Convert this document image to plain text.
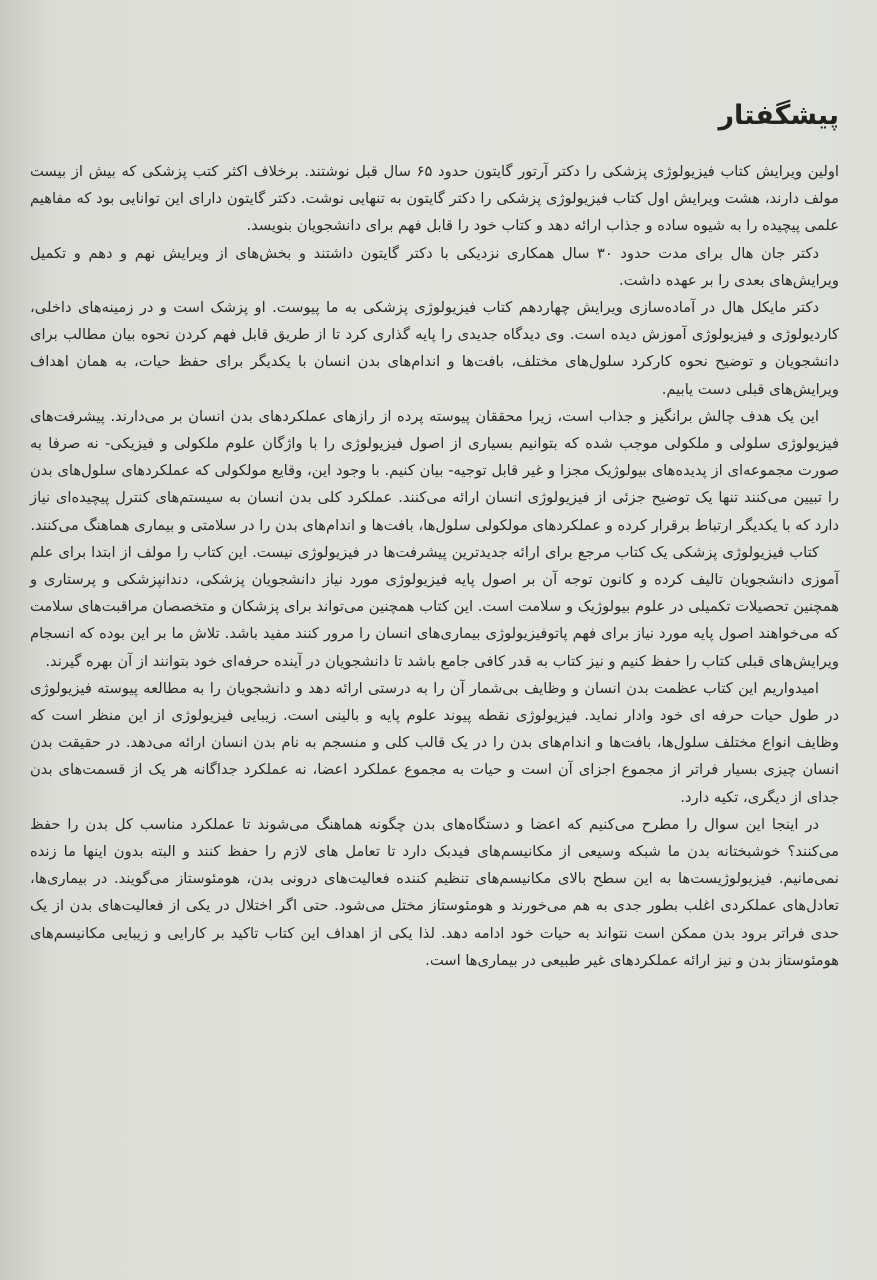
پیشگفتار

اولین ویرایش کتاب فیزیولوژی پزشکی را دکتر آرتور گایتون حدود ۶۵ سال قبل نوشتند. برخلاف اکثر کتب پزشکی که بیش از بیست مولف دارند، هشت ویرایش اول کتاب فیزیولوژی پزشکی را دکتر گایتون به تنهایی نوشت. دکتر گایتون دارای این توانایی بود که مفاهیم علمی پیچیده را به شیوه ساده و جذاب ارائه دهد و کتاب خود را قابل فهم برای دانشجویان بنویسد.

دکتر جان هال برای مدت حدود ۳۰ سال همکاری نزدیکی با دکتر گایتون داشتند و بخش‌های از ویرایش نهم و دهم و تکمیل ویرایش‌های بعدی را بر عهده داشت.

دکتر مایکل هال در آماده‌سازی ویرایش چهاردهم کتاب فیزیولوژی پزشکی به ما پیوست. او پزشک است و در زمینه‌های داخلی، کاردیولوژی و فیزیولوژی آموزش دیده است. وی دیدگاه جدیدی را پایه گذاری کرد تا از طریق قابل فهم کردن نحوه بیان مطالب برای دانشجویان و توضیح نحوه کارکرد سلول‌های مختلف، بافت‌ها و اندام‌های بدن انسان با یکدیگر برای حفظ حیات، به همان اهداف ویرایش‌های قبلی دست یابیم.

این یک هدف چالش برانگیز و جذاب است، زیرا محققان پیوسته پرده از رازهای عملکردهای بدن انسان بر می‌دارند. پیشرفت‌های فیزیولوژی سلولی و ملکولی موجب شده که بتوانیم بسیاری از اصول فیزیولوژی را با واژگان علوم ملکولی و فیزیکی- نه صرفا به صورت مجموعه‌ای از پدیده‌های بیولوژیک مجزا و غیر قابل توجیه- بیان کنیم. با وجود این، وقایع مولکولی که عملکردهای سلول‌های بدن را تبیین می‌کنند تنها یک توضیح جزئی از فیزیولوژی انسان ارائه می‌کنند. عملکرد کلی بدن انسان به سیستم‌های کنترل پیچیده‌ای نیاز دارد که با یکدیگر ارتباط برقرار کرده و عملکردهای مولکولی سلول‌ها، بافت‌ها و اندام‌های بدن را در سلامتی و بیماری هماهنگ می‌کنند.

کتاب فیزیولوژی پزشکی یک کتاب مرجع برای ارائه جدیدترین پیشرفت‌ها در فیزیولوژی نیست. این کتاب را مولف از ابتدا برای علم آموزی دانشجویان تالیف کرده و کانون توجه آن بر اصول پایه فیزیولوژی مورد نیاز دانشجویان پزشکی، دندانپزشکی و پرستاری و همچنین تحصیلات تکمیلی در علوم بیولوژیک و سلامت است. این کتاب همچنین می‌تواند برای پزشکان و متخصصان مراقبت‌های سلامت که می‌خواهند اصول پایه مورد نیاز برای فهم پاتوفیزیولوژی بیماری‌های انسان را مرور کنند مفید باشد. تلاش ما بر این بوده که انسجام ویرایش‌های قبلی کتاب را حفظ کنیم و نیز کتاب به قدر کافی جامع باشد تا دانشجویان در آینده حرفه‌ای خود بتوانند از آن بهره گیرند.

امیدواریم این کتاب عظمت بدن انسان و وظایف بی‌شمار آن را به درستی ارائه دهد و دانشجویان را به مطالعه پیوسته فیزیولوژی در طول حیات حرفه ای خود وادار نماید. فیزیولوژی نقطه پیوند علوم پایه و بالینی است. زیبایی فیزیولوژی از این منظر است که وظایف انواع مختلف سلول‌ها، بافت‌ها و اندام‌های بدن را در یک قالب کلی و منسجم به نام بدن انسان ارائه می‌دهد. در حقیقت بدن انسان چیزی بسیار فراتر از مجموع اجزای آن است و حیات به مجموع عملکرد اعضا، نه عملکرد جداگانه هر یک از قسمت‌های بدن جدای از دیگری، تکیه دارد.

در اینجا این سوال را مطرح می‌کنیم که اعضا و دستگاه‌های بدن چگونه هماهنگ می‌شوند تا عملکرد مناسب کل بدن را حفظ می‌کنند؟ خوشبختانه بدن ما شبکه وسیعی از مکانیسم‌های فیدبک دارد تا تعامل های لازم را حفظ کنند و البته بدون اینها ما زنده نمی‌مانیم. فیزیولوژیست‌ها به این سطح بالای مکانیسم‌های تنظیم کننده فعالیت‌های درونی بدن، هومئوستاز می‌گویند. در بیماری‌ها، تعادل‌های عملکردی اغلب بطور جدی به هم می‌خورند و هومئوستاز مختل می‌شود. حتی اگر اختلال در یکی از فعالیت‌های بدن از یک حدی فراتر برود بدن ممکن است نتواند به حیات خود ادامه دهد. لذا یکی از اهداف این کتاب تاکید بر کارایی و زیبایی مکانیسم‌های هومئوستاز بدن و نیز ارائه عملکردهای غیر طبیعی در بیماری‌ها است.
